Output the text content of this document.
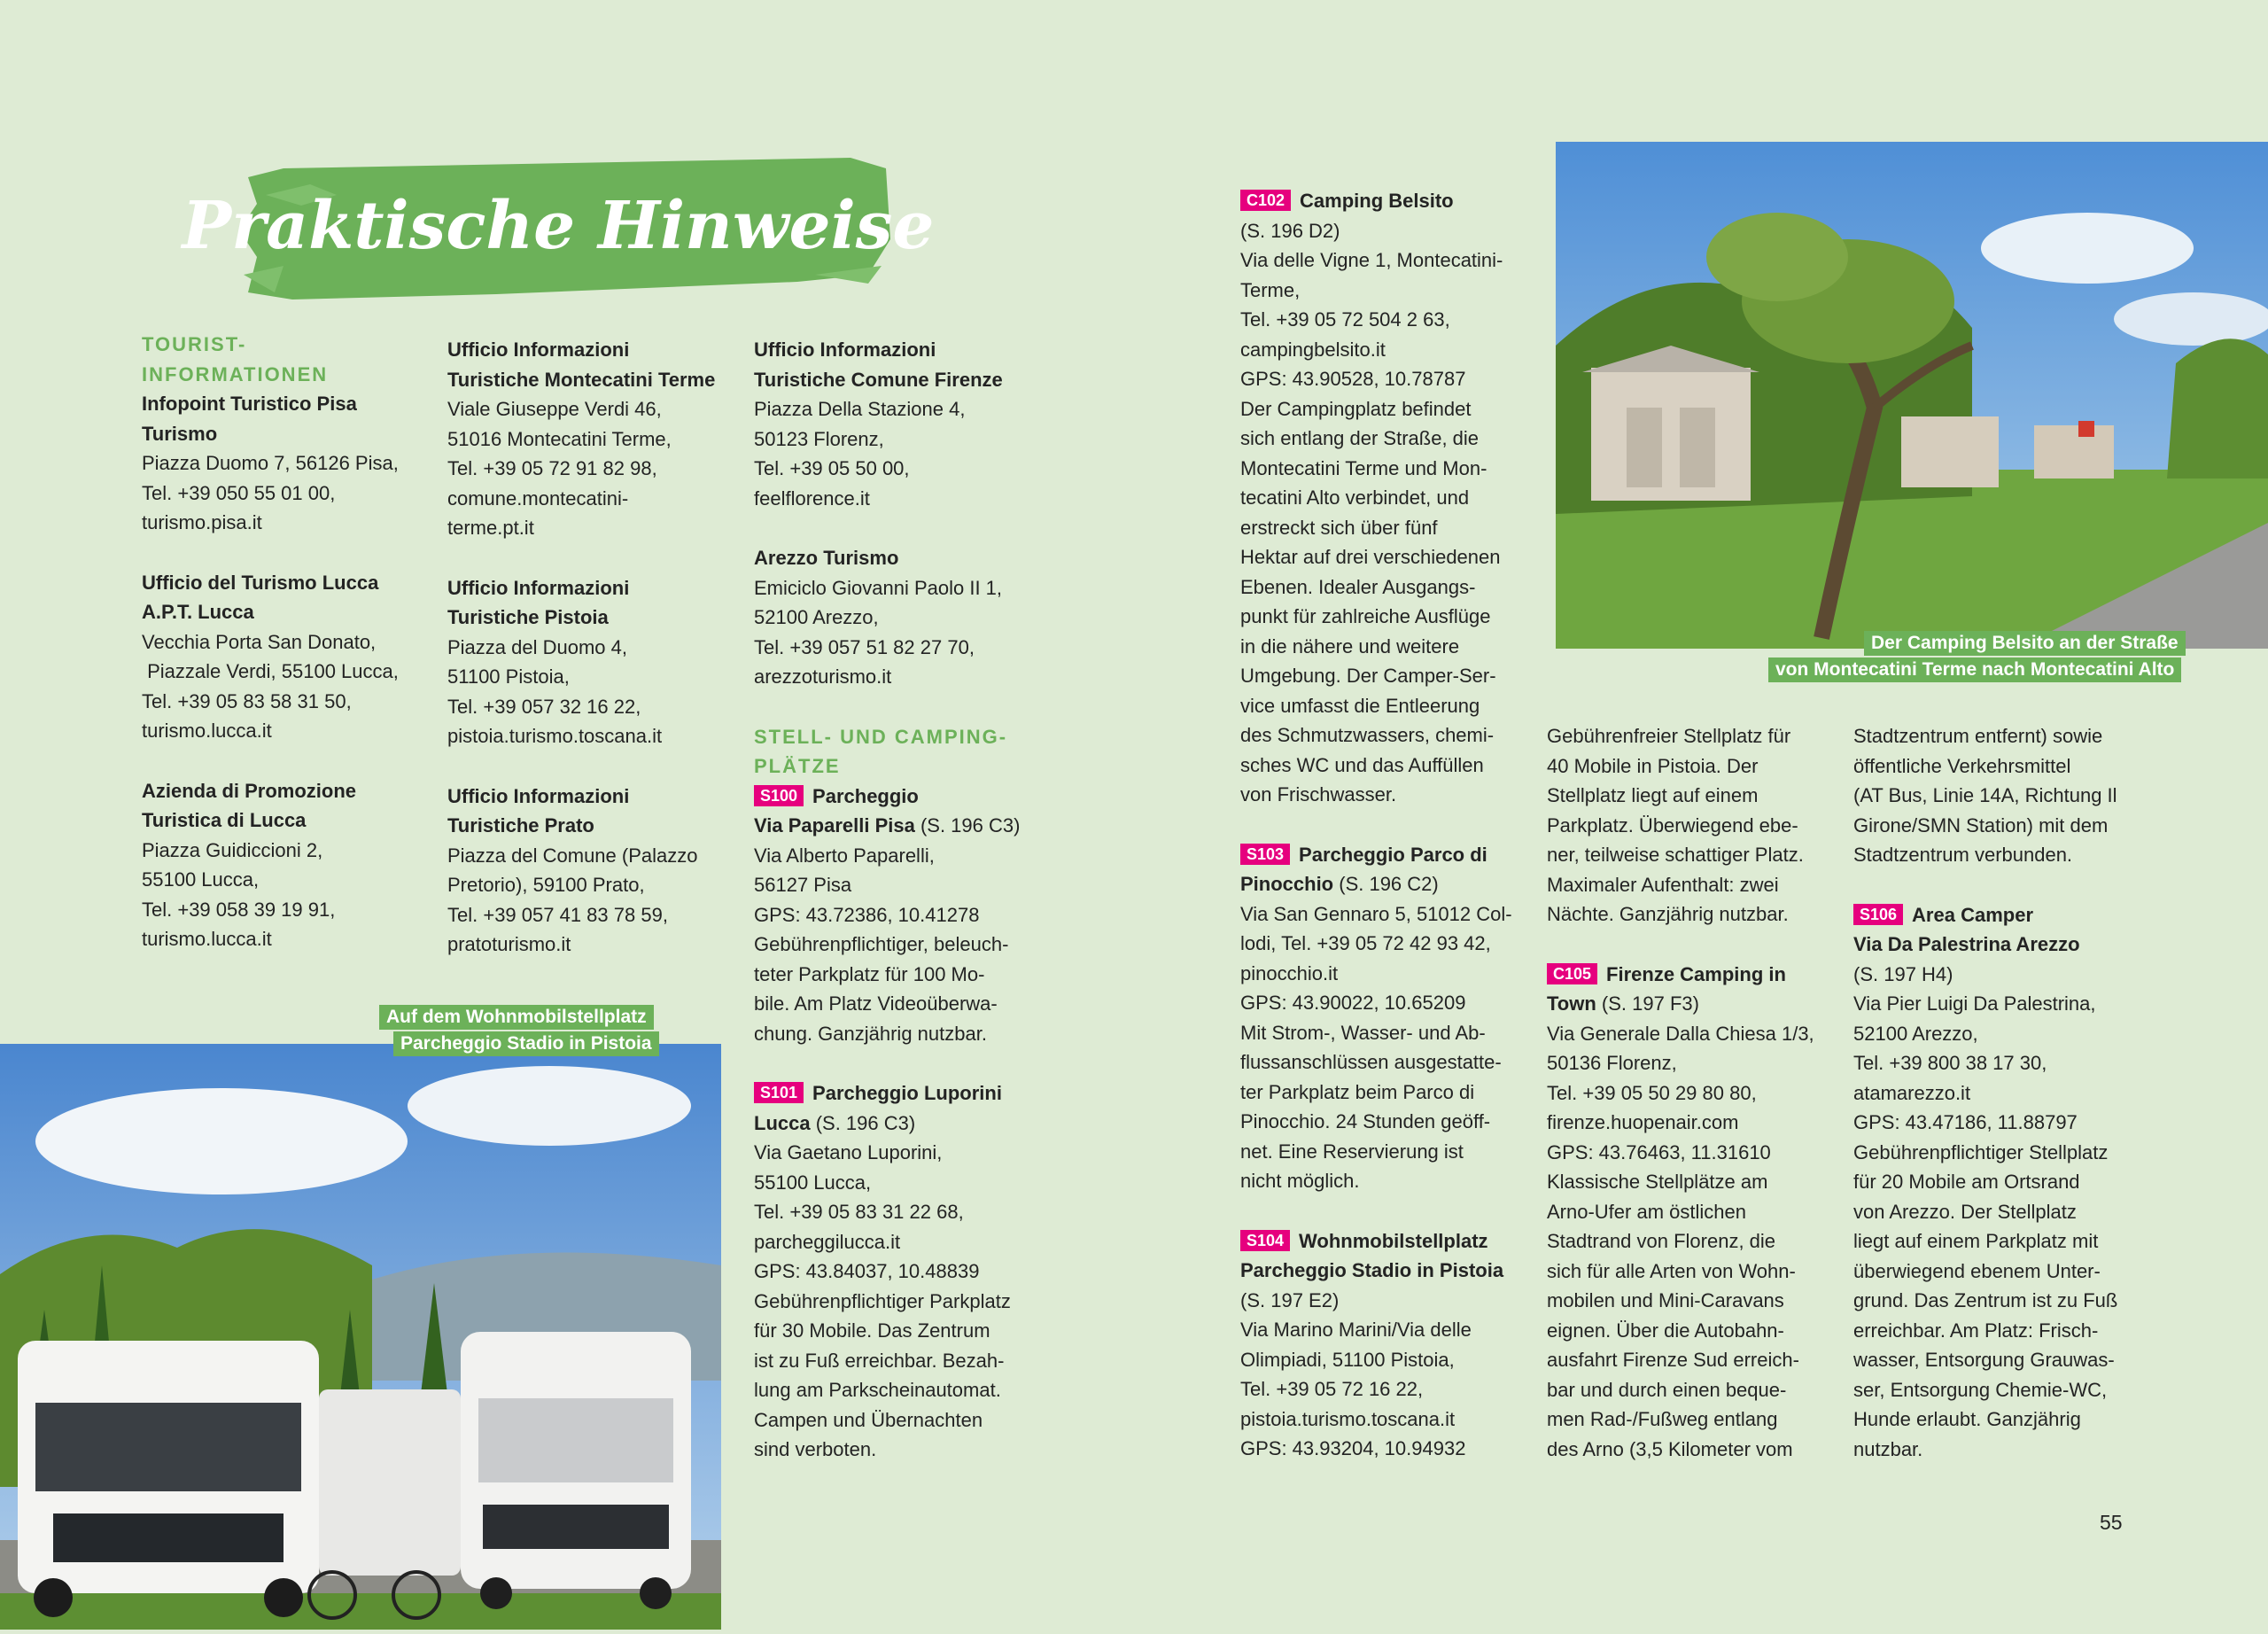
Praktische Hinweise
TOURIST-
INFORMATIONEN
Infopoint Turistico Pisa
Turismo
Piazza Duomo 7, 56126 Pisa,
Tel. +39 050 55 01 00,
turismo.pisa.it
Ufficio del Turismo Lucca
A.P.T. Lucca
Vecchia Porta San Donato,
Piazzale Verdi, 55100 Lucca,
Tel. +39 05 83 58 31 50,
turismo.lucca.it
Azienda di Promozione
Turistica di Lucca
Piazza Guidiccioni 2,
55100 Lucca,
Tel. +39 058 39 19 91,
turismo.lucca.it
Ufficio Informazioni
Turistiche Montecatini Terme
Viale Giuseppe Verdi 46,
51016 Montecatini Terme,
Tel. +39 05 72 91 82 98,
comune.montecatini-
terme.pt.it
Ufficio Informazioni
Turistiche Pistoia
Piazza del Duomo 4,
51100 Pistoia,
Tel. +39 057 32 16 22,
pistoia.turismo.toscana.it
Ufficio Informazioni
Turistiche Prato
Piazza del Comune (Palazzo
Pretorio), 59100 Prato,
Tel. +39 057 41 83 78 59,
pratoturismo.it
Ufficio Informazioni
Turistiche Comune Firenze
Piazza Della Stazione 4,
50123 Florenz,
Tel. +39 05 50 00,
feelflorence.it
Arezzo Turismo
Emiciclo Giovanni Paolo II 1,
52100 Arezzo,
Tel. +39 057 51 82 27 70,
arezzoturismo.it
STELL- UND CAMPING-
PLÄTZE
S100 Parcheggio
Via Paparelli Pisa (S. 196 C3)
Via Alberto Paparelli,
56127 Pisa
GPS: 43.72386, 10.41278
Gebührenpflichtiger, beleuch-
teter Parkplatz für 100 Mo-
bile. Am Platz Videoüberwa-
chung. Ganzjährig nutzbar.
S101 Parcheggio Luporini
Lucca (S. 196 C3)
Via Gaetano Luporini,
55100 Lucca,
Tel. +39 05 83 31 22 68,
parcheggilucca.it
GPS: 43.84037, 10.48839
Gebührenpflichtiger Parkplatz
für 30 Mobile. Das Zentrum
ist zu Fuß erreichbar. Bezah-
lung am Parkscheinautomat.
Campen und Übernachten
sind verboten.
C102 Camping Belsito
(S. 196 D2)
Via delle Vigne 1, Montecatini-
Terme,
Tel. +39 05 72 504 2 63,
campingbelsito.it
GPS: 43.90528, 10.78787
Der Campingplatz befindet
sich entlang der Straße, die
Montecatini Terme und Mon-
tecatini Alto verbindet, und
erstreckt sich über fünf
Hektar auf drei verschiedenen
Ebenen. Idealer Ausgangs-
punkt für zahlreiche Ausflüge
in die nähere und weitere
Umgebung. Der Camper-Ser-
vice umfasst die Entleerung
des Schmutzwassers, chemi-
sches WC und das Auffüllen
von Frischwasser.
S103 Parcheggio Parco di
Pinocchio (S. 196 C2)
Via San Gennaro 5, 51012 Col-
lodi, Tel. +39 05 72 42 93 42,
pinocchio.it
GPS: 43.90022, 10.65209
Mit Strom-, Wasser- und Ab-
flussanschlüssen ausgestatte-
ter Parkplatz beim Parco di
Pinocchio. 24 Stunden geöff-
net. Eine Reservierung ist
nicht möglich.
S104 Wohnmobilstellplatz
Parcheggio Stadio in Pistoia
(S. 197 E2)
Via Marino Marini/Via delle
Olimpiadi, 51100 Pistoia,
Tel. +39 05 72 16 22,
pistoia.turismo.toscana.it
GPS: 43.93204, 10.94932
Gebührenfreier Stellplatz für
40 Mobile in Pistoia. Der
Stellplatz liegt auf einem
Parkplatz. Überwiegend ebe-
ner, teilweise schattiger Platz.
Maximaler Aufenthalt: zwei
Nächte. Ganzjährig nutzbar.
C105 Firenze Camping in
Town (S. 197 F3)
Via Generale Dalla Chiesa 1/3,
50136 Florenz,
Tel. +39 05 50 29 80 80,
firenze.huopenair.com
GPS: 43.76463, 11.31610
Klassische Stellplätze am
Arno-Ufer am östlichen
Stadtrand von Florenz, die
sich für alle Arten von Wohn-
mobilen und Mini-Caravans
eignen. Über die Autobahn-
ausfahrt Firenze Sud erreich-
bar und durch einen beque-
men Rad-/Fußweg entlang
des Arno (3,5 Kilometer vom
Stadtzentrum entfernt) sowie
öffentliche Verkehrsmittel
(AT Bus, Linie 14A, Richtung Il
Girone/SMN Station) mit dem
Stadtzentrum verbunden.
S106 Area Camper
Via Da Palestrina Arezzo
(S. 197 H4)
Via Pier Luigi Da Palestrina,
52100 Arezzo,
Tel. +39 800 38 17 30,
atamarezzo.it
GPS: 43.47186, 11.88797
Gebührenpflichtiger Stellplatz
für 20 Mobile am Ortsrand
von Arezzo. Der Stellplatz
liegt auf einem Parkplatz mit
überwiegend ebenem Unter-
grund. Das Zentrum ist zu Fuß
erreichbar. Am Platz: Frisch-
wasser, Entsorgung Grauwas-
ser, Entsorgung Chemie-WC,
Hunde erlaubt. Ganzjährig
nutzbar.
Der Camping Belsito an der Straße
von Montecatini Terme nach Montecatini Alto
Auf dem Wohnmobilstellplatz
Parcheggio Stadio in Pistoia
55
